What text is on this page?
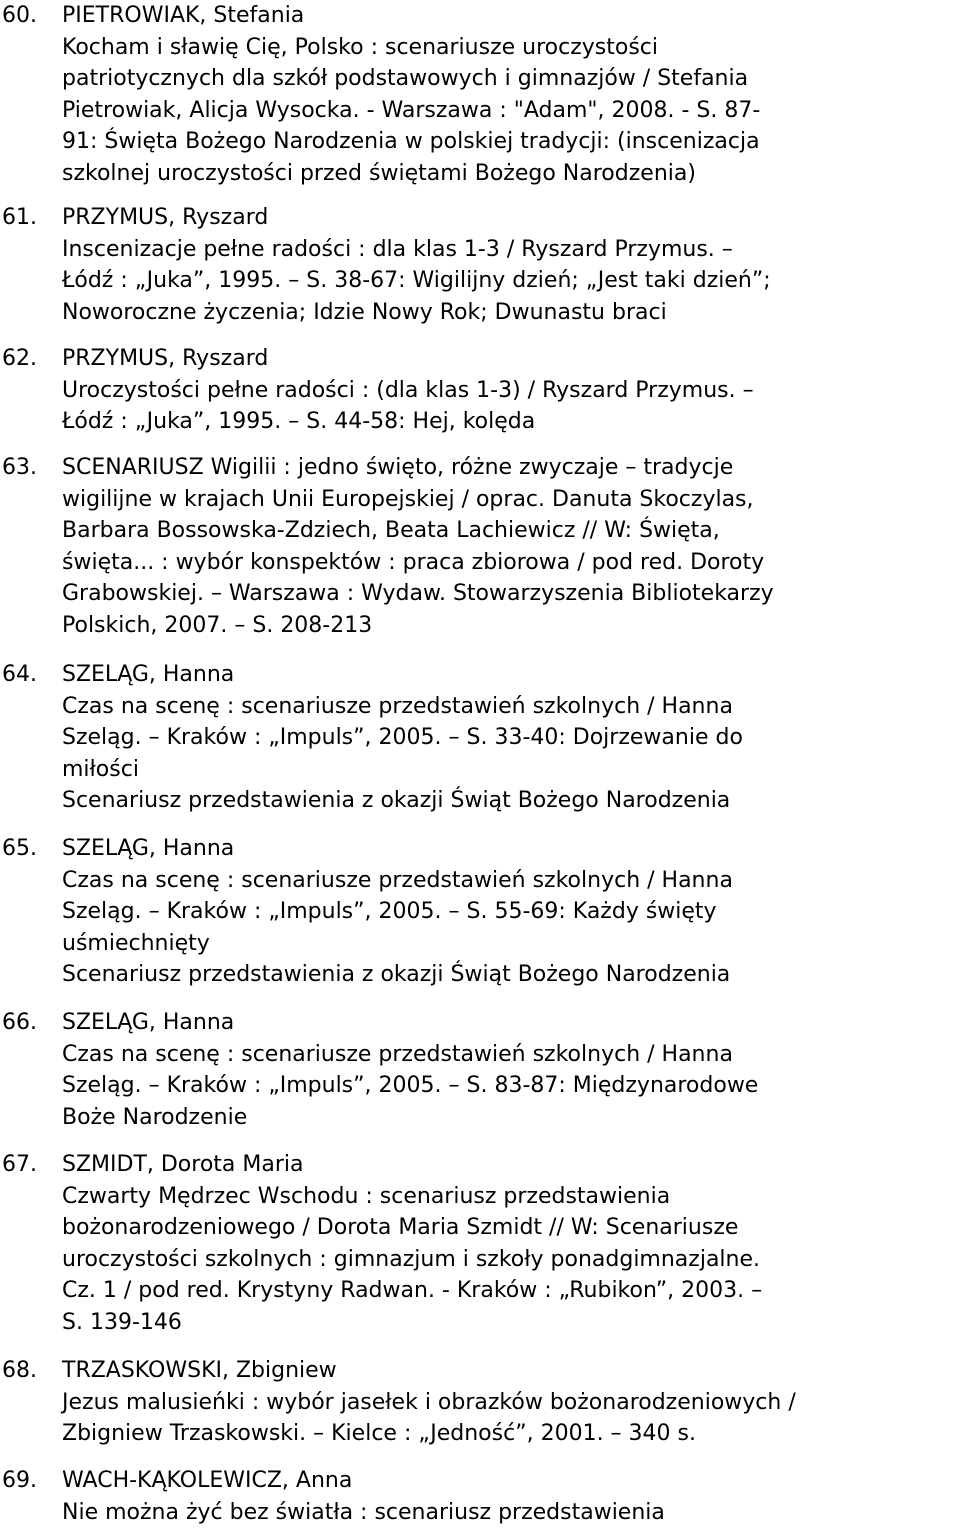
60.	PIETROWIAK, Stefania
Kocham i sławię Cię, Polsko : scenariusze uroczystości
patriotycznych dla szkół podstawowych i gimnazjów / Stefania
Pietrowiak, Alicja Wysocka. - Warszawa : "Adam", 2008. - S. 87-
91: Święta Bożego Narodzenia w polskiej tradycji: (inscenizacja
szkolnej uroczystości przed świętami Bożego Narodzenia)
61.	PRZYMUS, Ryszard
Inscenizacje pełne radości : dla klas 1-3 / Ryszard Przymus. –
Łódź : „Juka”, 1995. – S. 38-67: Wigilijny dzień; „Jest taki dzień”;
Noworoczne życzenia; Idzie Nowy Rok; Dwunastu braci
62.	PRZYMUS, Ryszard
Uroczystości pełne radości : (dla klas 1-3) / Ryszard Przymus. –
Łódź : „Juka”, 1995. – S. 44-58: Hej, kolęda
63.	SCENARIUSZ Wigilii : jedno święto, różne zwyczaje – tradycje
wigilijne w krajach Unii Europejskiej / oprac. Danuta Skoczylas,
Barbara Bossowska-Zdziech, Beata Lachiewicz // W: Święta,
święta... : wybór konspektów : praca zbiorowa / pod red. Doroty
Grabowskiej. – Warszawa : Wydaw. Stowarzyszenia Bibliotekarzy
Polskich, 2007. – S. 208-213
64.	SZELĄG, Hanna
Czas na scenę : scenariusze przedstawień szkolnych / Hanna
Szeląg. – Kraków : „Impuls”, 2005. – S. 33-40: Dojrzewanie do
miłości
Scenariusz przedstawienia z okazji Świąt Bożego Narodzenia
65.	SZELĄG, Hanna
Czas na scenę : scenariusze przedstawień szkolnych / Hanna
Szeląg. – Kraków : „Impuls”, 2005. – S. 55-69: Każdy święty
uśmiechnięty
Scenariusz przedstawienia z okazji Świąt Bożego Narodzenia
66.	SZELĄG, Hanna
Czas na scenę : scenariusze przedstawień szkolnych / Hanna
Szeląg. – Kraków : „Impuls”, 2005. – S. 83-87: Międzynarodowe
Boże Narodzenie
67.	SZMIDT, Dorota Maria
Czwarty Mędrzec Wschodu : scenariusz przedstawienia
bożonarodzeniowego / Dorota Maria Szmidt // W: Scenariusze
uroczystości szkolnych : gimnazjum i szkoły ponadgimnazjalne.
Cz. 1 / pod red. Krystyny Radwan. - Kraków : „Rubikon”, 2003. –
S. 139-146
68.	TRZASKOWSKI, Zbigniew
Jezus malusieńki : wybór jasełek i obrazków bożonarodzeniowych /
Zbigniew Trzaskowski. – Kielce : „Jedność”, 2001. – 340 s.
69.	WACH-KĄKOLEWICZ, Anna
Nie można żyć bez światła : scenariusz przedstawienia
